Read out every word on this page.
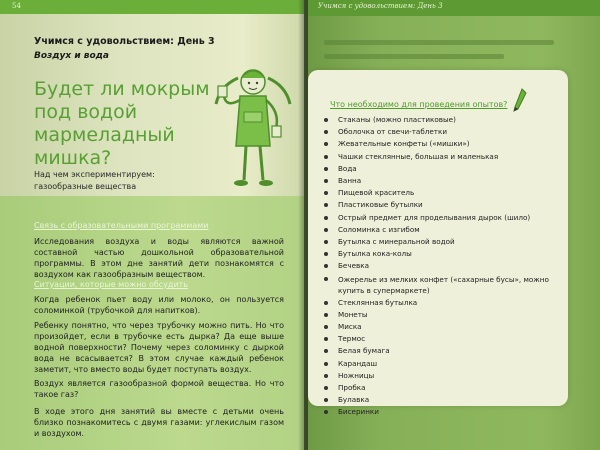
54
Учимся с удовольствием: День 3
Воздух и вода
Будет ли мокрым
под водой
мармеладный мишка?
Над чем экспериментируем:
газообразные вещества
Связь с образовательными программами
Исследования воздуха и воды являются важной составной частью дошкольной образовательной программы. В этом дне занятий дети познакомятся с воздухом как газообразным веществом.
Ситуации, которые можно обсудить
Когда ребенок пьет воду или молоко, он пользуется соломинкой (трубочкой для напитков).
Ребенку понятно, что через трубочку можно пить. Но что произойдет, если в трубочке есть дырка? Да еще выше водной поверхности? Почему через соломинку с дыркой вода не всасывается? В этом случае каждый ребенок заметит, что вместо воды будет поступать воздух.
Воздух является газообразной формой вещества. Но что такое газ?
В ходе этого дня занятий вы вместе с детьми очень близко познакомитесь с двумя газами: углекислым газом и воздухом.
Учимся с удовольствием: День 3
Что необходимо для проведения опытов?
Стаканы (можно пластиковые)
Оболочка от свечи-таблетки
Жевательные конфеты («мишки»)
Чашки стеклянные, большая и маленькая
Вода
Ванна
Пищевой краситель
Пластиковые бутылки
Острый предмет для проделывания дырок (шило)
Соломинка с изгибом
Бутылка с минеральной водой
Бутылка кока-колы
Бечевка
Ожерелье из мелких конфет («сахарные бусы», можно купить в супермаркете)
Стеклянная бутылка
Монеты
Миска
Термос
Белая бумага
Карандаш
Ножницы
Пробка
Булавка
Бисеринки
